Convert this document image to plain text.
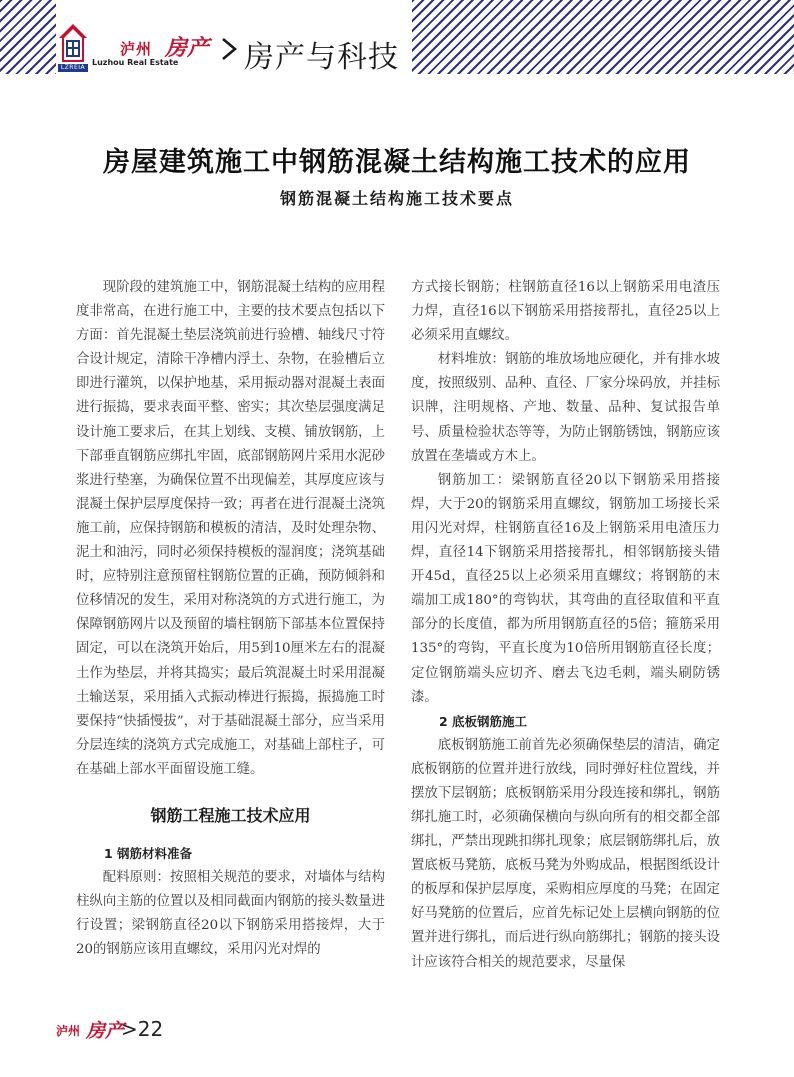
LZREIA
泸州 房产
Luzhou Real Estate 房产与科技
房屋建筑施工中钢筋混凝土结构施工技术的应用
钢筋混凝土结构施工技术要点

现阶段的建筑施工中，钢筋混凝土结构的应用程度非常高，在进行施工中，主要的技术要点包括以下方面：首先混凝土垫层浇筑前进行验槽、轴线尺寸符合设计规定，清除干净槽内浮土、杂物，在验槽后立即进行灌筑，以保护地基，采用振动器对混凝土表面进行振捣，要求表面平整、密实；其次垫层强度满足设计施工要求后，在其上划线、支模、铺放钢筋，上下部垂直钢筋应绑扎牢固，底部钢筋网片采用水泥砂浆进行垫塞，为确保位置不出现偏差，其厚度应该与混凝土保护层厚度保持一致；再者在进行混凝土浇筑施工前，应保持钢筋和模板的清洁，及时处理杂物、泥土和油污，同时必须保持模板的湿润度；浇筑基础时，应特别注意预留柱钢筋位置的正确，预防倾斜和位移情况的发生，采用对称浇筑的方式进行施工，为保障钢筋网片以及预留的墙柱钢筋下部基本位置保持固定，可以在浇筑开始后，用5到10厘米左右的混凝土作为垫层，并将其捣实；最后筑混凝土时采用混凝土输送泵，采用插入式振动棒进行振捣，振捣施工时要保持“快插慢拔”，对于基础混凝土部分，应当采用分层连续的浇筑方式完成施工，对基础上部柱子，可在基础上部水平面留设施工缝。

钢筋工程施工技术应用
1 钢筋材料准备

配料原则：按照相关规范的要求，对墙体与结构柱纵向主筋的位置以及相同截面内钢筋的接头数量进行设置；梁钢筋直径20以下钢筋采用搭接焊，大于20的钢筋应该用直螺纹，采用闪光对焊的

方式接长钢筋；柱钢筋直径16以上钢筋采用电渣压力焊，直径16以下钢筋采用搭接帮扎，直径25以上必须采用直螺纹。

材料堆放：钢筋的堆放场地应硬化，并有排水坡度，按照级别、品种、直径、厂家分垛码放，并挂标识牌，注明规格、产地、数量、品种、复试报告单号、质量检验状态等等，为防止钢筋锈蚀，钢筋应该放置在垄墙或方木上。

钢筋加工：梁钢筋直径20以下钢筋采用搭接焊，大于20的钢筋采用直螺纹，钢筋加工场接长采用闪光对焊，柱钢筋直径16及上钢筋采用电渣压力焊，直径14下钢筋采用搭接帮扎，相邻钢筋接头错开45d，直径25以上必须采用直螺纹；将钢筋的末端加工成180°的弯钩状，其弯曲的直径取值和平直部分的长度值，都为所用钢筋直径的5倍；箍筋采用135°的弯钩，平直长度为10倍所用钢筋直径长度；定位钢筋端头应切齐、磨去飞边毛刺，端头刷防锈漆。

2 底板钢筋施工

底板钢筋施工前首先必须确保垫层的清洁，确定底板钢筋的位置并进行放线，同时弹好柱位置线，并摆放下层钢筋；底板钢筋采用分段连接和绑扎，钢筋绑扎施工时，必须确保横向与纵向所有的相交都全部绑扎，严禁出现跳扣绑扎现象；底层钢筋绑扎后，放置底板马凳筋，底板马凳为外购成品，根据图纸设计的板厚和保护层厚度，采购相应厚度的马凳；在固定好马凳筋的位置后，应首先标记处上层横向钢筋的位置并进行绑扎，而后进行纵向筋绑扎；钢筋的接头设计应该符合相关的规范要求，尽量保

泸州 房产
>22
